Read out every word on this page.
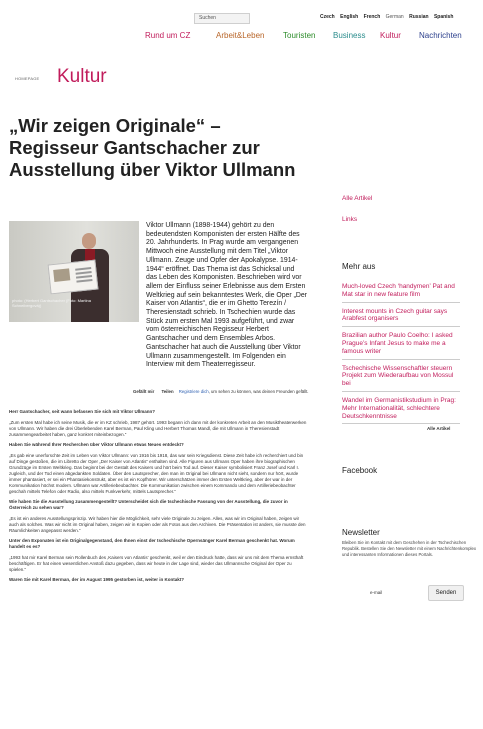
Suchen	Czech English French German Russian Spanish
Rund um CZ	Arbeit&Leben Touristen Business Kultur Nachrichten
HOMEPAGE Kultur
„Wir zeigen Originale“ – Regisseur Gantschacher zur Ausstellung über Viktor Ullmann
photo: (Herbert Gantschacher (Foto: Martina Schneibergová))
Viktor Ullmann (1898-1944) gehört zu den bedeutendsten Komponisten der ersten Hälfte des 20. Jahrhunderts. In Prag wurde am vergangenen Mittwoch eine Ausstellung mit dem Titel „Viktor Ullmann. Zeuge und Opfer der Apokalypse. 1914-1944“ eröffnet. Das Thema ist das Schicksal und das Leben des Komponisten. Beschrieben wird vor allem der Einfluss seiner Erlebnisse aus dem Ersten Weltkrieg auf sein bekanntestes Werk, die Oper „Der Kaiser von Atlantis“, die er im Ghetto Terezín / Theresienstadt schrieb. In Tschechien wurde das Stück zum ersten Mal 1993 aufgeführt, und zwar vom österreichischen Regisseur Herbert Gantschacher und dem Ensembles Arbos. Gantschacher hat auch die Ausstellung über Viktor Ullmann zusammengestellt. Im Folgenden ein Interview mit dem Theaterregisseur.
Gefällt mir Teilen Registriere dich, um sehen zu können, was deinen Freunden gefällt.

Herr Gantschacher, seit wann befassen Sie sich mit Viktor Ullmann?

„Zum ersten Mal habe ich seine Musik, die er im KZ schrieb, 1987 gehört. 1993 begann ich dann mit der konkreten Arbeit an den Musiktheaterwerken von Ullmann. Wir haben die drei Überlebenden Karel Berman, Paul Kling und Herbert Thomas Mandl, die mit Ullmann in Theresienstadt zusammengearbeitet haben, ganz konkret miteinbezogen.“

Haben Sie während Ihrer Recherchen über Viktor Ullmann etwas Neues entdeckt?

„Es gab eine unerforschte Zeit im Leben von Viktor Ullmann: von 1916 bis 1918, das war sein Kriegsdienst. Diese Zeit habe ich recherchiert und bin auf Dinge gestoßen, die im Libretto der Oper „Der Kaiser von Atlantis“ enthalten sind. Alle Figuren aus Ullmans Oper haben ihre biographischen Grundzüge im Ersten Weltkrieg. Das beginnt bei der Gestalt des Kaisers und hört beim Tod auf. Dieser Kaiser symbolisiert Franz Josef und Karl I. zugleich, und der Tod einen abgedankten Soldaten. Über den Lautsprecher, den man im Original bei Ullmann nicht sieht, sondern nur hört, wurde immer phantasiert, er sei ein Phantasiekonstrukt, aber es ist ein Kopfhörer. Wir unterschätzen immer den Ersten Weltkrieg, aber der war in der Kommunikation höchst modern. Ullmann war Artilleriebeobachter. Die Kommunikation zwischen einem Kommando und dem Artilleriebeobachter geschah mittels Telefon oder Radio, also mittels Funkverkehr, mittels Lautsprecher.“

Wie haben Sie die Ausstellung zusammengestellt? Unterscheidet sich die tschechische Fassung von der Ausstellung, die zuvor in Österreich zu sehen war?

„Es ist ein anderes Ausstellungsprinzip. Wir haben hier die Möglichkeit, sehr viele Originale zu zeigen. Alles, was wir im Original haben, zeigen wir auch als solches. Was wir nicht im Original haben, zeigen wir in Kopien oder als Fotos aus den Archiven. Die Präsentation ist anders, sie musste den Räumlichkeiten angepasst werden.“

Unter den Exponaten ist ein Originalgegenstand, den Ihnen einst der tschechische Opernsänger Karel Berman geschenkt hat. Worum handelt es es?

„1993 hat mir Karel Berman sein Rollenbuch des ‚Kaisers von Atlantis‘ geschenkt, weil er den Eindruck hatte, dass wir uns mit dem Thema ernsthaft beschäftigen. Er hat einen wesentlichen Anstoß dazu gegeben, dass wir heute in der Lage sind, wieder das Ullmannsche Original der Oper zu spielen.“

Waren Sie mit Karel Berman, der im August 1995 gestorben ist, weiter in Kontakt?

Alle Artikel
Links
Mehr aus
Much-loved Czech ‘handymen’ Pat and Mat star in new feature film
Interest mounts in Czech guitar says Arabfest organisers
Brazilian author Paulo Coelho: I asked Prague’s Infant Jesus to make me a famous writer
Tschechische Wissenschaftler steuern Projekt zum Wiederaufbau von Mossul bei
Wandel im Germanistikstudium in Prag: Mehr Internationalität, schlechtere Deutschkenntnisse
Alle Artikel
Facebook
Newsletter
Bleiben Sie im Kontakt mit dem Geschehen in der Tschechischen Republik. Bestellen Sie den Newsletter mit einem Nachrichtenkomplex und interessanten Informationen dieses Portals.
e-mail	Senden
